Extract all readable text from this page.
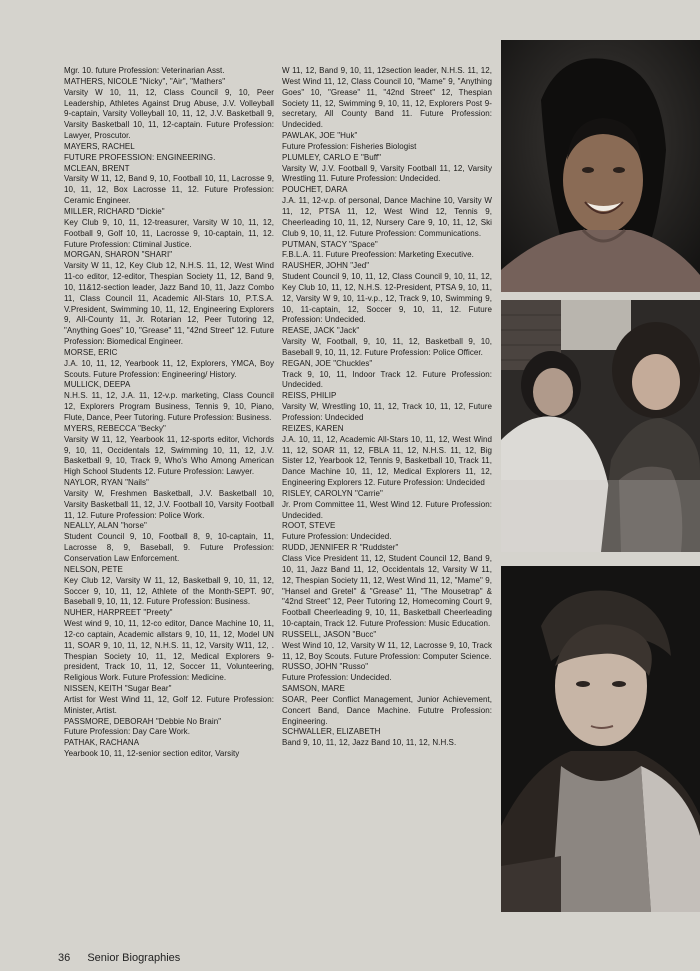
Mgr. 10. future Profession: Veterinarian Asst.

MATHERS, NICOLE "Nicky", "Air", "Mathers"

Varsity W 10, 11, 12, Class Council 9, 10, Peer Leadership, Athletes Against Drug Abuse, J.V. Volleyball 9-captain, Varsity Volleyball 10, 11, 12, J.V. Basketball 9, Varsity Basketball 10, 11, 12-captain. Future Profession: Lawyer, Proscutor.

MAYERS, RACHEL

FUTURE PROFESSION: ENGINEERING.

MCLEAN, BRENT

Varsity W 11, 12, Band 9, 10, Football 10, 11, Lacrosse 9, 10, 11, 12, Box Lacrosse 11, 12. Future Profession: Ceramic Engineer.

MILLER, RICHARD "Dickie"

Key Club 9, 10, 11, 12-treasurer, Varsity W 10, 11, 12, Football 9, Golf 10, 11, Lacrosse 9, 10-captain, 11, 12. Future Profession: Ctiminal Justice.

MORGAN, SHARON "SHARI"

Varsity W 11, 12, Key Club 12, N.H.S. 11, 12, West Wind 11-co editor, 12-editor, Thespian Society 11, 12, Band 9, 10, 11&12-section leader, Jazz Band 10, 11, Jazz Combo 11, Class Council 11, Academic All-Stars 10, P.T.S.A. V.President, Swimming 10, 11, 12, Engineering Explorers 9, All-County 11, Jr. Rotarian 12, Peer Tutoring 12, "Anything Goes" 10, "Grease" 11, "42nd Street" 12. Future Profession: Biomedical Engineer.

MORSE, ERIC

J.A. 10, 11, 12, Yearbook 11, 12, Explorers, YMCA, Boy Scouts. Future Profession: Engineering/ History.

MULLICK, DEEPA

N.H.S. 11, 12, J.A. 11, 12-v.p. marketing, Class Council 12, Explorers Program Business, Tennis 9, 10, Piano, Flute, Dance, Peer Tutoring. Future Profession: Business.

MYERS, REBECCA "Becky"

Varsity W 11, 12, Yearbook 11, 12-sports editor, Vichords 9, 10, 11, Occidentals 12, Swimming 10, 11, 12, J.V. Basketball 9, 10, Track 9, Who's Who Among American High School Students 12. Future Profession: Lawyer.

NAYLOR, RYAN "Nails"

Varsity W, Freshmen Basketball, J.V. Basketball 10, Varsity Basketball 11, 12, J.V. Football 10, Varsity Football 11, 12. Future Profession: Police Work.

NEALLY, ALAN "horse"

Student Council 9, 10, Football 8, 9, 10-captain, 11, Lacrosse 8, 9, Baseball, 9. Future Profession: Conservation Law Enforcement.

NELSON, PETE

Key Club 12, Varsity W 11, 12, Basketball 9, 10, 11, 12, Soccer 9, 10, 11, 12, Athlete of the Month-SEPT. 90', Baseball 9, 10, 11, 12. Future Profession: Business.

NUHER, HARPREET "Preety"

West wind 9, 10, 11, 12-co editor, Dance Machine 10, 11, 12-co captain, Academic allstars 9, 10, 11, 12, Model UN 11, SOAR 9, 10, 11, 12, N.H.S. 11, 12, Varsity W11, 12, . Thespian Society 10, 11, 12, Medical Explorers 9-president, Track 10, 11, 12, Soccer 11, Volunteering, Religious Work. Future Profession: Medicine.

NISSEN, KEITH "Sugar Bear"

Artist for West Wind 11, 12, Golf 12. Future Profession: Minister, Artist.

PASSMORE, DEBORAH "Debbie No Brain"

Future Profession: Day Care Work.

PATHAK, RACHANA

Yearbook 10, 11, 12-senior section editor, Varsity

W 11, 12, Band 9, 10, 11, 12section leader, N.H.S. 11, 12, West Wind 11, 12, Class Council 10, "Mame" 9, "Anything Goes" 10, "Grease" 11, "42nd Street" 12, Thespian Society 11, 12, Swimming 9, 10, 11, 12, Explorers Post 9-secretary, All County Band 11. Future Profession: Undecided.

PAWLAK, JOE "Huk"

Future Profession: Fisheries Biologist

PLUMLEY, CARLO E "Buff"

Varsity W, J.V. Football 9, Varsity Football 11, 12, Varsity Wrestling 11. Future Profession: Undecided.

POUCHET, DARA

J.A. 11, 12-v.p. of personal, Dance Machine 10, Varsity W 11, 12, PTSA 11, 12, West Wind 12, Tennis 9, Cheerleading 10, 11, 12, Nursery Care 9, 10, 11, 12, Ski Club 9, 10, 11, 12. Future Profession: Communications.

PUTMAN, STACY "Space"

F.B.L.A. 11. Future Preofession: Marketing Executive.

RAUSHER, JOHN "Jed"

Student Council 9, 10, 11, 12, Class Council 9, 10, 11, 12, Key Club 10, 11, 12, N.H.S. 12-President, PTSA 9, 10, 11, 12, Varsity W 9, 10, 11-v.p., 12, Track 9, 10, Swimming 9, 10, 11-captain, 12, Soccer 9, 10, 11, 12. Future Profession: Undecided.

REASE, JACK "Jack"

Varsity W, Football, 9, 10, 11, 12, Basketball 9, 10, Baseball 9, 10, 11, 12. Future Profession: Police Officer.

REGAN, JOE "Chuckles"

Track 9, 10, 11, Indoor Track 12. Future Profession: Undecided.

REISS, PHILIP

Varsity W, Wrestling 10, 11, 12, Track 10, 11, 12, Future Profession: Undecided

REIZES, KAREN

J.A. 10, 11, 12, Academic All-Stars 10, 11, 12, West Wind 11, 12, SOAR 11, 12, FBLA 11, 12, N.H.S. 11, 12, Big Sister 12, Yearbook 12, Tennis 9, Basketball 10, Track 11, Dance Machine 10, 11, 12, Medical Explorers 11, 12, Engineering Explorers 12. Future Profession: Undecided

RISLEY, CAROLYN "Carrie"

Jr. Prom Committee 11, West Wind 12. Future Profession: Undecided.

ROOT, STEVE

Future Profession: Undecided.

RUDD, JENNIFER R "Ruddster"

Class Vice President 11, 12, Student Council 12, Band 9, 10, 11, Jazz Band 11, 12, Occidentals 12, Varsity W 11, 12, Thespian Society 11, 12, West Wind 11, 12, "Mame" 9, "Hansel and Gretel" & "Grease" 11, "The Mousetrap" & "42nd Street" 12, Peer Tutoring 12, Homecoming Court 9, Football Cheerleading 9, 10, 11, Basketball Cheerleading 10-captain, Track 12. Future Profession: Music Education.

RUSSELL, JASON "Bucc"

West Wind 10, 12, Varsity W 11, 12, Lacrosse 9, 10, Track 11, 12, Boy Scouts. Future Profession: Computer Science.

RUSSO, JOHN "Russo"

Future Profession: Undecided.

SAMSON, MARE

SOAR, Peer Conflict Management, Junior Achievement, Concert Band, Dance Machine. Fututre Profession: Engineering.

SCHWALLER, ELIZABETH

Band 9, 10, 11, 12, Jazz Band 10, 11, 12, N.H.S.

36 Senior Biographies
